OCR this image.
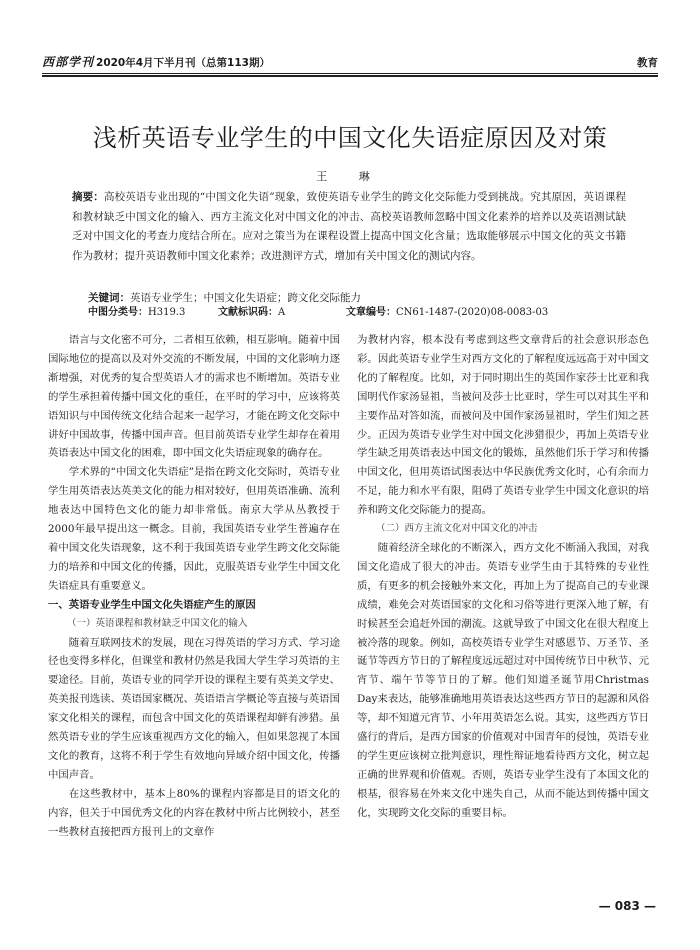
西部学刊 2020年4月下半月刊（总第113期）	教育
浅析英语专业学生的中国文化失语症原因及对策
王 琳
摘要：高校英语专业出现的“中国文化失语”现象，致使英语专业学生的跨文化交际能力受到挑战。究其原因，英语课程和教材缺乏中国文化的输入、西方主流文化对中国文化的冲击、高校英语教师忽略中国文化素养的培养以及英语测试缺乏对中国文化的考查力度结合所在。应对之策当为在课程设置上提高中国文化含量；选取能够展示中国文化的英文书籍作为教材；提升英语教师中国文化素养；改进测评方式，增加有关中国文化的测试内容。
关键词：英语专业学生；中国文化失语症；跨文化交际能力
中图分类号：H319.3	文献标识码：A	文章编号：CN61-1487-(2020)08-0083-03

语言与文化密不可分，二者相互依赖，相互影响。随着中国国际地位的提高以及对外交流的不断发展，中国的文化影响力逐渐增强，对优秀的复合型英语人才的需求也不断增加。英语专业的学生承担着传播中国文化的重任，在平时的学习中，应该将英语知识与中国传统文化结合起来一起学习，才能在跨文化交际中讲好中国故事，传播中国声音。但目前英语专业学生却存在着用英语表达中国文化的困难，即中国文化失语症现象的确存在。

学术界的“中国文化失语症”是指在跨文化交际时，英语专业学生用英语表达英美文化的能力相对较好，但用英语准确、流利地表达中国特色文化的能力却非常低。南京大学从丛教授于2000年最早提出这一概念。目前，我国英语专业学生普遍存在着中国文化失语现象，这不利于我国英语专业学生跨文化交际能力的培养和中国文化的传播，因此，克服英语专业学生中国文化失语症具有重要意义。

一、英语专业学生中国文化失语症产生的原因
（一）英语课程和教材缺乏中国文化的输入

随着互联网技术的发展，现在习得英语的学习方式、学习途径也变得多样化，但课堂和教材仍然是我国大学生学习英语的主要途径。目前，英语专业的同学开设的课程主要有英美文学史、英美报刊选读、英语国家概况、英语语言学概论等直接与英语国家文化相关的课程，而包含中国文化的英语课程却鲜有涉猎。虽然英语专业的学生应该重视西方文化的输入，但如果忽视了本国文化的教育，这将不利于学生有效地向异域介绍中国文化，传播中国声音。

在这些教材中，基本上80%的课程内容都是目的语文化的内容，但关于中国优秀文化的内容在教材中所占比例较小，甚至一些教材直接把西方报刊上的文章作

为教材内容，根本没有考虑到这些文章背后的社会意识形态色彩。因此英语专业学生对西方文化的了解程度远远高于对中国文化的了解程度。比如，对于同时期出生的英国作家莎士比亚和我国明代作家汤显祖，当被问及莎士比亚时，学生可以对其生平和主要作品对答如流，而被问及中国作家汤显祖时，学生们知之甚少。正因为英语专业学生对中国文化涉猎很少，再加上英语专业学生缺乏用英语表达中国文化的锻炼，虽然他们乐于学习和传播中国文化，但用英语试图表达中华民族优秀文化时，心有余而力不足，能力和水平有限，阻碍了英语专业学生中国文化意识的培养和跨文化交际能力的提高。

（二）西方主流文化对中国文化的冲击

随着经济全球化的不断深入，西方文化不断涌入我国，对我国文化造成了很大的冲击。英语专业学生由于其特殊的专业性质，有更多的机会接触外来文化，再加上为了提高自己的专业课成绩，难免会对英语国家的文化和习俗等进行更深入地了解，有时候甚至会追赶外国的潮流。这就导致了中国文化在很大程度上被冷落的现象。例如，高校英语专业学生对感恩节、万圣节、圣诞节等西方节日的了解程度远远超过对中国传统节日中秋节、元宵节、端午节等节日的了解。他们知道圣诞节用Christmas Day来表达，能够准确地用英语表达这些西方节日的起源和风俗等，却不知道元宵节、小年用英语怎么说。其实，这些西方节日盛行的背后，是西方国家的价值观对中国青年的侵蚀，英语专业的学生更应该树立批判意识，理性辩证地看待西方文化，树立起正确的世界观和价值观。否则，英语专业学生没有了本国文化的根基，很容易在外来文化中迷失自己，从而不能达到传播中国文化，实现跨文化交际的重要目标。

— 083 —
